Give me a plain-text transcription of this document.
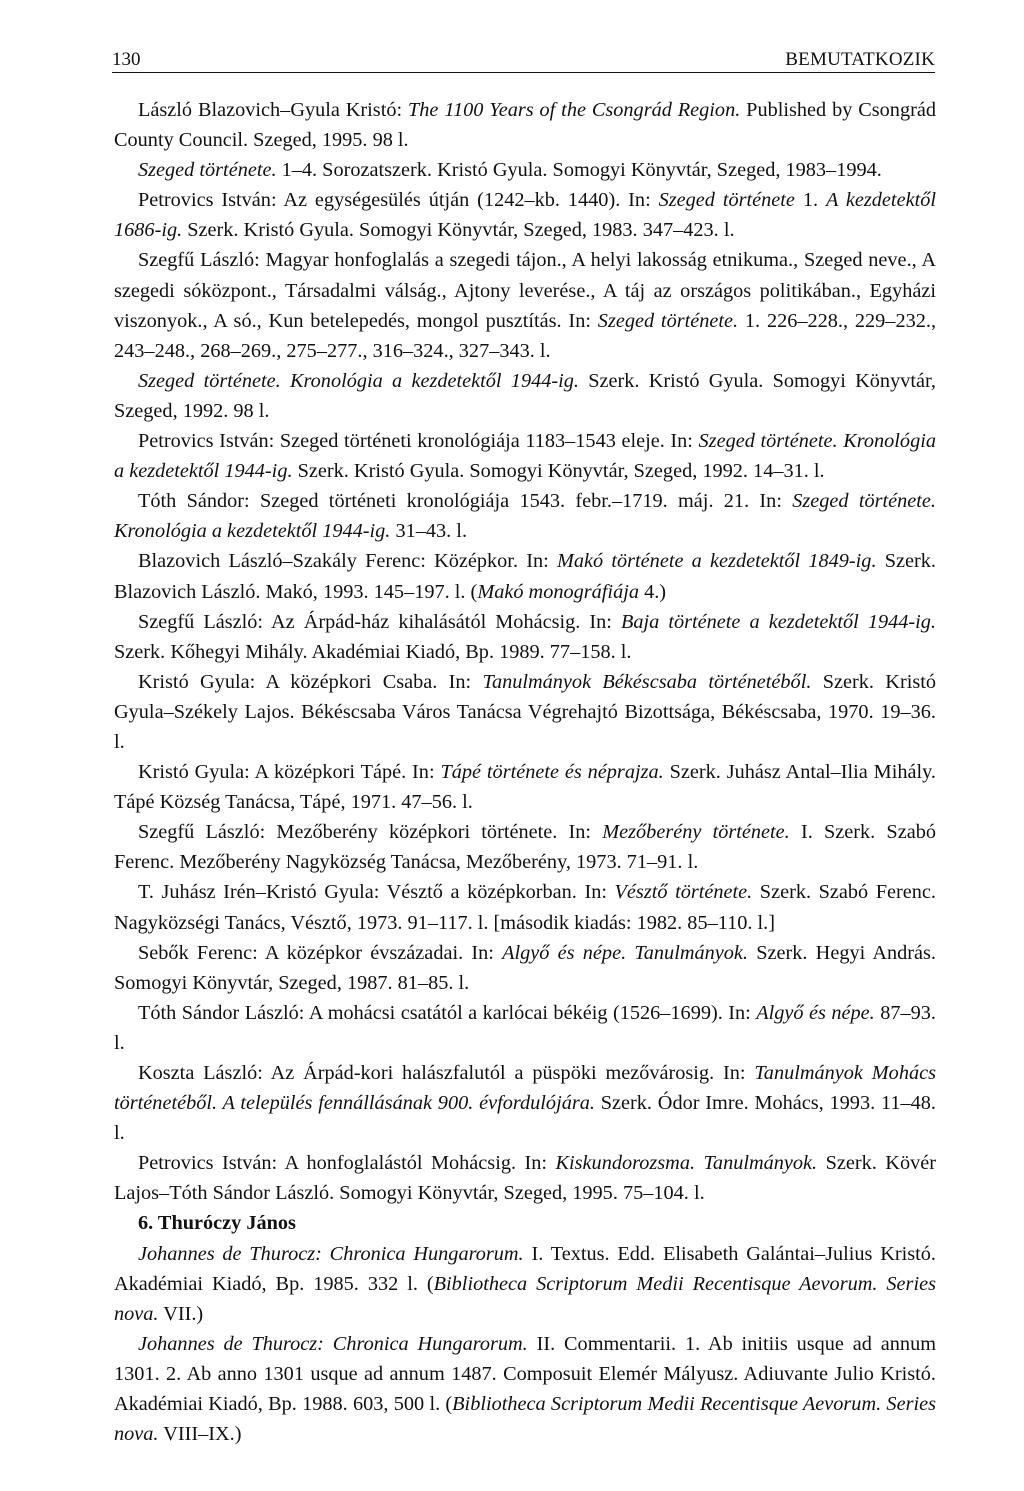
130	BEMUTATKOZIK

László Blazovich–Gyula Kristó: The 1100 Years of the Csongrád Region. Published by Csongrád County Council. Szeged, 1995. 98 l.

Szeged története. 1–4. Sorozatszerk. Kristó Gyula. Somogyi Könyvtár, Szeged, 1983–1994.

Petrovics István: Az egységesülés útján (1242–kb. 1440). In: Szeged története 1. A kezdetektől 1686-ig. Szerk. Kristó Gyula. Somogyi Könyvtár, Szeged, 1983. 347–423. l.

Szegfű László: Magyar honfoglalás a szegedi tájon., A helyi lakosság etnikuma., Szeged neve., A szegedi sóközpont., Társadalmi válság., Ajtony leverése., A táj az országos politikában., Egyházi viszonyok., A só., Kun betelepedés, mongol pusztítás. In: Szeged története. 1. 226–228., 229–232., 243–248., 268–269., 275–277., 316–324., 327–343. l.

Szeged története. Kronológia a kezdetektől 1944-ig. Szerk. Kristó Gyula. Somogyi Könyvtár, Szeged, 1992. 98 l.

Petrovics István: Szeged történeti kronológiája 1183–1543 eleje. In: Szeged története. Kronológia a kezdetektől 1944-ig. Szerk. Kristó Gyula. Somogyi Könyvtár, Szeged, 1992. 14–31. l.

Tóth Sándor: Szeged történeti kronológiája 1543. febr.–1719. máj. 21. In: Szeged története. Kronológia a kezdetektől 1944-ig. 31–43. l.

Blazovich László–Szakály Ferenc: Középkor. In: Makó története a kezdetektől 1849-ig. Szerk. Blazovich László. Makó, 1993. 145–197. l. (Makó monográfiája 4.)

Szegfű László: Az Árpád-ház kihalásától Mohácsig. In: Baja története a kezdetektől 1944-ig. Szerk. Kőhegyi Mihály. Akadémiai Kiadó, Bp. 1989. 77–158. l.

Kristó Gyula: A középkori Csaba. In: Tanulmányok Békéscsaba történetéből. Szerk. Kristó Gyula–Székely Lajos. Békéscsaba Város Tanácsa Végrehajtó Bizottsága, Békéscsaba, 1970. 19–36. l.

Kristó Gyula: A középkori Tápé. In: Tápé története és néprajza. Szerk. Juhász Antal–Ilia Mihály. Tápé Község Tanácsa, Tápé, 1971. 47–56. l.

Szegfű László: Mezőberény középkori története. In: Mezőberény története. I. Szerk. Szabó Ferenc. Mezőberény Nagyközség Tanácsa, Mezőberény, 1973. 71–91. l.

T. Juhász Irén–Kristó Gyula: Vésztő a középkorban. In: Vésztő története. Szerk. Szabó Ferenc. Nagyközségi Tanács, Vésztő, 1973. 91–117. l. [második kiadás: 1982. 85–110. l.]

Sebők Ferenc: A középkor évszázadai. In: Algyő és népe. Tanulmányok. Szerk. Hegyi András. Somogyi Könyvtár, Szeged, 1987. 81–85. l.

Tóth Sándor László: A mohácsi csatától a karlócai békéig (1526–1699). In: Algyő és népe. 87–93. l.

Koszta László: Az Árpád-kori halászfalutól a püspöki mezővárosig. In: Tanulmányok Mohács történetéből. A település fennállásának 900. évfordulójára. Szerk. Ódor Imre. Mohács, 1993. 11–48. l.

Petrovics István: A honfoglalástól Mohácsig. In: Kiskundorozsma. Tanulmányok. Szerk. Kövér Lajos–Tóth Sándor László. Somogyi Könyvtár, Szeged, 1995. 75–104. l.

6. Thuróczy János

Johannes de Thurocz: Chronica Hungarorum. I. Textus. Edd. Elisabeth Galántai–Julius Kristó. Akadémiai Kiadó, Bp. 1985. 332 l. (Bibliotheca Scriptorum Medii Recentisque Aevorum. Series nova. VII.)

Johannes de Thurocz: Chronica Hungarorum. II. Commentarii. 1. Ab initiis usque ad annum 1301. 2. Ab anno 1301 usque ad annum 1487. Composuit Elemér Mályusz. Adiuvante Julio Kristó. Akadémiai Kiadó, Bp. 1988. 603, 500 l. (Bibliotheca Scriptorum Medii Recentisque Aevorum. Series nova. VIII–IX.)
